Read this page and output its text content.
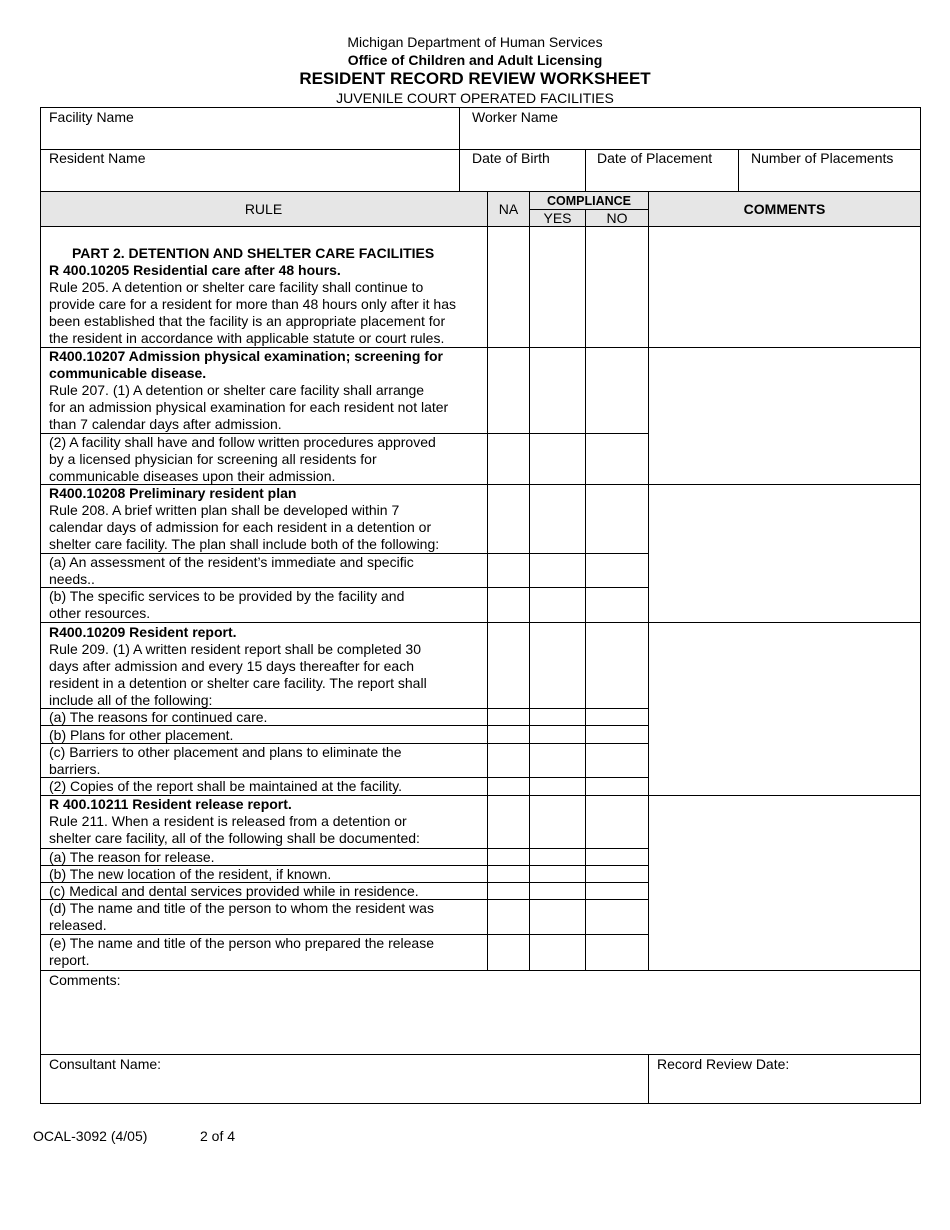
Michigan Department of Human Services
Office of Children and Adult Licensing
RESIDENT RECORD REVIEW WORKSHEET
JUVENILE COURT OPERATED FACILITIES
Facility Name	Worker Name
Resident Name	Date of Birth	Date of Placement	Number of Placements
RULE	NA	COMPLIANCE
YES	NO
COMMENTS
PART 2. DETENTION AND SHELTER CARE FACILITIES
R 400.10205 Residential care after 48 hours.
Rule 205. A detention or shelter care facility shall continue to
provide care for a resident for more than 48 hours only after it has
been established that the facility is an appropriate placement for
the resident in accordance with applicable statute or court rules.
R400.10207 Admission physical examination; screening for
communicable disease.
Rule 207. (1) A detention or shelter care facility shall arrange
for an admission physical examination for each resident not later
than 7 calendar days after admission.
(2) A facility shall have and follow written procedures approved
by a licensed physician for screening all residents for
communicable diseases upon their admission.
R400.10208 Preliminary resident plan
Rule 208. A brief written plan shall be developed within 7
calendar days of admission for each resident in a detention or
shelter care facility. The plan shall include both of the following:
(a) An assessment of the resident’s immediate and specific
needs..
(b) The specific services to be provided by the facility and
other resources.
R400.10209 Resident report.
Rule 209. (1) A written resident report shall be completed 30
days after admission and every 15 days thereafter for each
resident in a detention or shelter care facility. The report shall
include all of the following:
(a) The reasons for continued care.
(b) Plans for other placement.
(c) Barriers to other placement and plans to eliminate the
barriers.
(2) Copies of the report shall be maintained at the facility.
R 400.10211 Resident release report.
Rule 211. When a resident is released from a detention or
shelter care facility, all of the following shall be documented:
(a) The reason for release.
(b) The new location of the resident, if known.
(c) Medical and dental services provided while in residence.
(d) The name and title of the person to whom the resident was
released.
(e) The name and title of the person who prepared the release
report.
Comments:
Consultant Name:	Record Review Date:
OCAL-3092 (4/05)	2 of 4
